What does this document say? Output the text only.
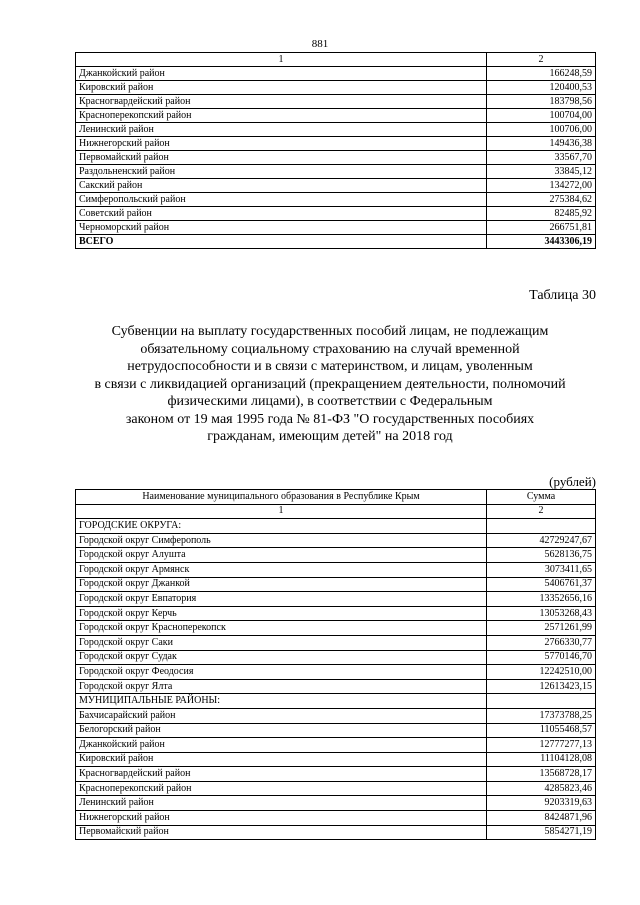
881
1	2
Джанкойский район	166248,59
Кировский район	120400,53
Красногвардейский район	183798,56
Красноперекопский район	100704,00
Ленинский район	100706,00
Нижнегорский район	149436,38
Первомайский район	33567,70
Раздольненский район	33845,12
Сакский район	134272,00
Симферопольский район	275384,62
Советский район	82485,92
Черноморский район	266751,81
ВСЕГО	3443306,19
Таблица 30
Субвенции на выплату государственных пособий лицам, не подлежащим
обязательному социальному страхованию на случай временной
нетрудоспособности и в связи с материнством, и лицам, уволенным
в связи с ликвидацией организаций (прекращением деятельности, полномочий
физическими лицами), в соответствии с Федеральным
законом от 19 мая 1995 года № 81-ФЗ "О государственных пособиях
гражданам, имеющим детей" на 2018 год
(рублей)
Наименование муниципального образования в Республике Крым	Сумма
1	2
ГОРОДСКИЕ ОКРУГА:	
Городской округ Симферополь	42729247,67
Городской округ Алушта	5628136,75
Городской округ Армянск	3073411,65
Городской округ Джанкой	5406761,37
Городской округ Евпатория	13352656,16
Городской округ Керчь	13053268,43
Городской округ Красноперекопск	2571261,99
Городской округ Саки	2766330,77
Городской округ Судак	5770146,70
Городской округ Феодосия	12242510,00
Городской округ Ялта	12613423,15
МУНИЦИПАЛЬНЫЕ РАЙОНЫ:	
Бахчисарайский район	17373788,25
Белогорский район	11055468,57
Джанкойский район	12777277,13
Кировский район	11104128,08
Красногвардейский район	13568728,17
Красноперекопский район	4285823,46
Ленинский район	9203319,63
Нижнегорский район	8424871,96
Первомайский район	5854271,19
